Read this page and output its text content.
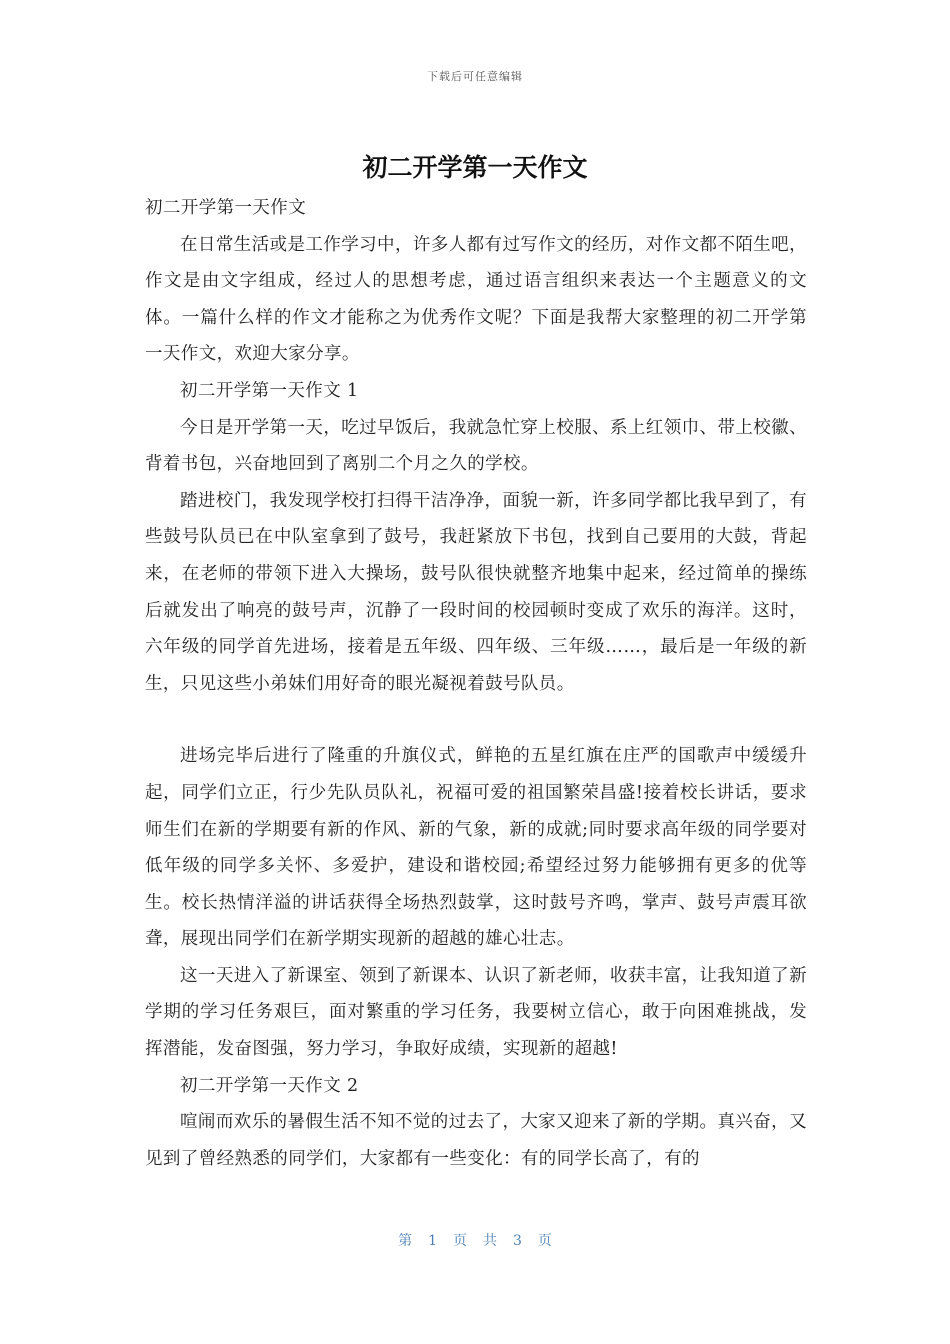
下载后可任意编辑
初二开学第一天作文

初二开学第一天作文

在日常生活或是工作学习中，许多人都有过写作文的经历，对作文都不陌生吧，作文是由文字组成，经过人的思想考虑，通过语言组织来表达一个主题意义的文体。一篇什么样的作文才能称之为优秀作文呢？下面是我帮大家整理的初二开学第一天作文，欢迎大家分享。

初二开学第一天作文 1

今日是开学第一天，吃过早饭后，我就急忙穿上校服、系上红领巾、带上校徽、背着书包，兴奋地回到了离别二个月之久的学校。

踏进校门，我发现学校打扫得干洁净净，面貌一新，许多同学都比我早到了，有些鼓号队员已在中队室拿到了鼓号，我赶紧放下书包，找到自己要用的大鼓，背起来，在老师的带领下进入大操场，鼓号队很快就整齐地集中起来，经过简单的操练后就发出了响亮的鼓号声，沉静了一段时间的校园顿时变成了欢乐的海洋。这时，六年级的同学首先进场，接着是五年级、四年级、三年级……，最后是一年级的新生，只见这些小弟妹们用好奇的眼光凝视着鼓号队员。

进场完毕后进行了隆重的升旗仪式，鲜艳的五星红旗在庄严的国歌声中缓缓升起，同学们立正，行少先队员队礼，祝福可爱的祖国繁荣昌盛!接着校长讲话，要求师生们在新的学期要有新的作风、新的气象，新的成就;同时要求高年级的同学要对低年级的同学多关怀、多爱护，建设和谐校园;希望经过努力能够拥有更多的优等生。校长热情洋溢的讲话获得全场热烈鼓掌，这时鼓号齐鸣，掌声、鼓号声震耳欲聋，展现出同学们在新学期实现新的超越的雄心壮志。

这一天进入了新课室、领到了新课本、认识了新老师，收获丰富，让我知道了新学期的学习任务艰巨，面对繁重的学习任务，我要树立信心，敢于向困难挑战，发挥潜能，发奋图强，努力学习，争取好成绩，实现新的超越!

初二开学第一天作文 2

喧闹而欢乐的暑假生活不知不觉的过去了，大家又迎来了新的学期。真兴奋，又见到了曾经熟悉的同学们，大家都有一些变化：有的同学长高了，有的

第 1 页 共 3 页
